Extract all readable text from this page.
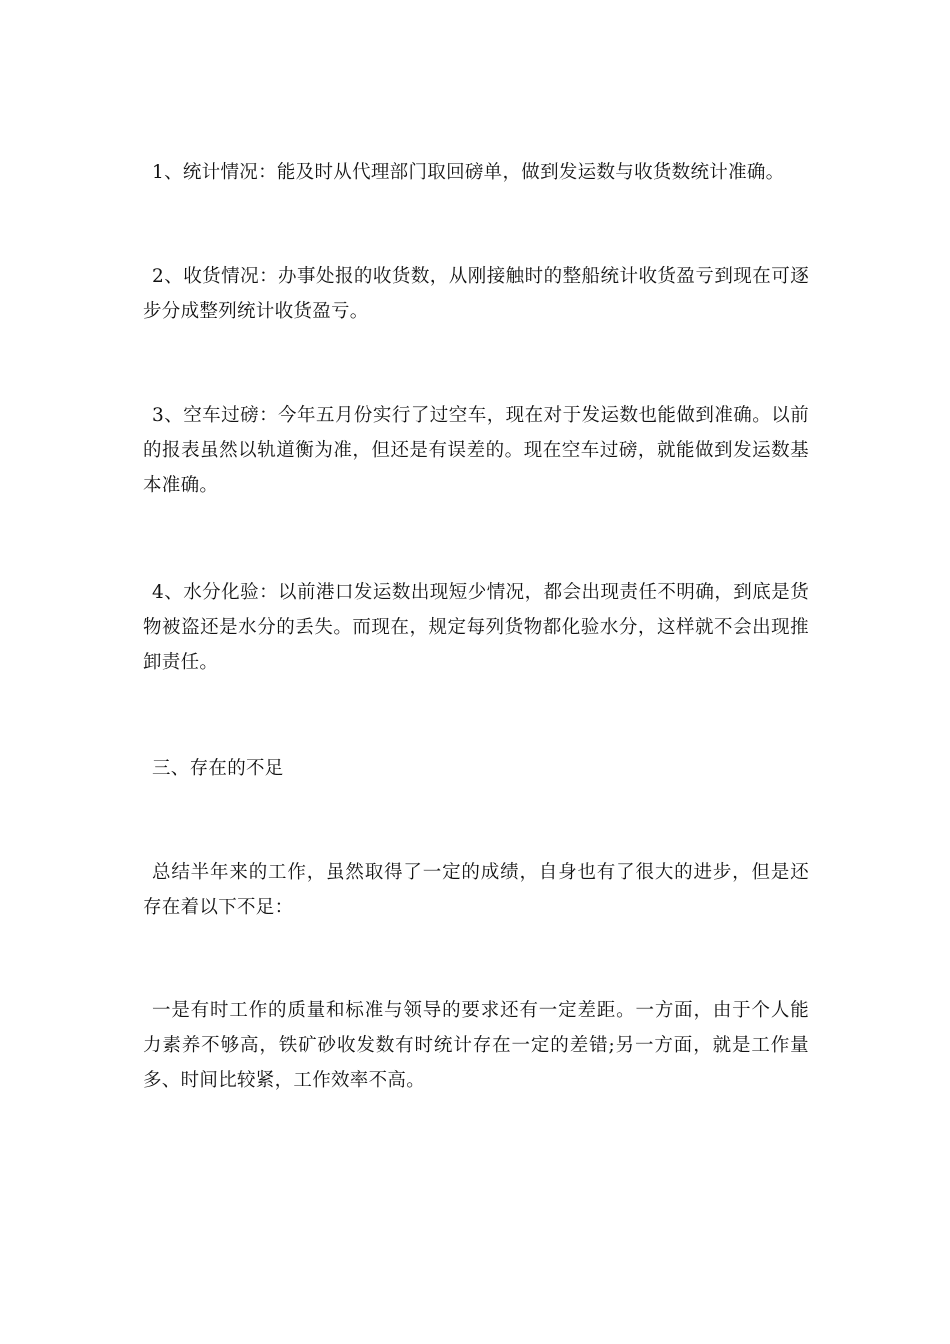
1、统计情况：能及时从代理部门取回磅单，做到发运数与收货数统计准确。

2、收货情况：办事处报的收货数，从刚接触时的整船统计收货盈亏到现在可逐步分成整列统计收货盈亏。

3、空车过磅：今年五月份实行了过空车，现在对于发运数也能做到准确。以前的报表虽然以轨道衡为准，但还是有误差的。现在空车过磅，就能做到发运数基本准确。

4、水分化验：以前港口发运数出现短少情况，都会出现责任不明确，到底是货物被盗还是水分的丢失。而现在，规定每列货物都化验水分，这样就不会出现推卸责任。

三、存在的不足

总结半年来的工作，虽然取得了一定的成绩，自身也有了很大的进步，但是还存在着以下不足：

一是有时工作的质量和标准与领导的要求还有一定差距。一方面，由于个人能力素养不够高，铁矿砂收发数有时统计存在一定的差错;另一方面，就是工作量多、时间比较紧，工作效率不高。
